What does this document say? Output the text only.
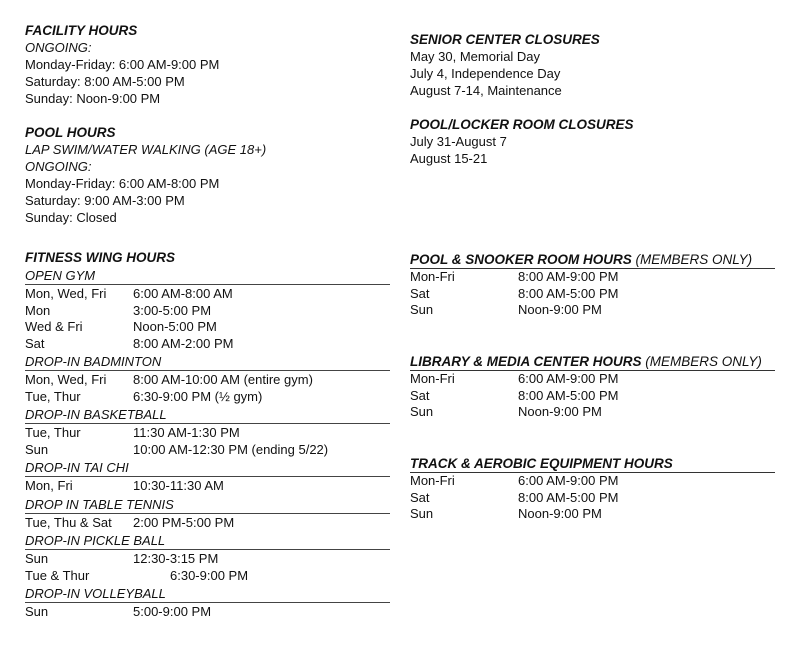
FACILITY HOURS
ONGOING:
Monday-Friday: 6:00 AM-9:00 PM
Saturday: 8:00 AM-5:00 PM
Sunday: Noon-9:00 PM
POOL HOURS
LAP SWIM/WATER WALKING (AGE 18+)
ONGOING:
Monday-Friday: 6:00 AM-8:00 PM
Saturday: 9:00 AM-3:00 PM
Sunday: Closed
SENIOR CENTER CLOSURES
May 30, Memorial Day
July 4, Independence Day
August 7-14, Maintenance
POOL/LOCKER ROOM CLOSURES
July 31-August 7
August 15-21
FITNESS WING HOURS
OPEN GYM
Mon, Wed, Fri 6:00 AM-8:00 AM
Mon	3:00-5:00 PM
Wed & Fri	Noon-5:00 PM
Sat	8:00 AM-2:00 PM
DROP-IN BADMINTON
Mon, Wed, Fri 8:00 AM-10:00 AM (entire gym)
Tue, Thur	6:30-9:00 PM (½ gym)
DROP-IN BASKETBALL
Tue, Thur	11:30 AM-1:30 PM
Sun	10:00 AM-12:30 PM (ending 5/22)
DROP-IN TAI CHI
Mon, Fri	10:30-11:30 AM
DROP IN TABLE TENNIS
Tue, Thu & Sat 2:00 PM-5:00 PM
DROP-IN PICKLE BALL
Sun	12:30-3:15 PM
Tue & Thur	6:30-9:00 PM
DROP-IN VOLLEYBALL
Sun	5:00-9:00 PM
POOL & SNOOKER ROOM HOURS (MEMBERS ONLY)
Mon-Fri	8:00 AM-9:00 PM
Sat	8:00 AM-5:00 PM
Sun	Noon-9:00 PM
LIBRARY & MEDIA CENTER HOURS (MEMBERS ONLY)
Mon-Fri	6:00 AM-9:00 PM
Sat	8:00 AM-5:00 PM
Sun	Noon-9:00 PM
TRACK & AEROBIC EQUIPMENT HOURS
Mon-Fri	6:00 AM-9:00 PM
Sat	8:00 AM-5:00 PM
Sun	Noon-9:00 PM
